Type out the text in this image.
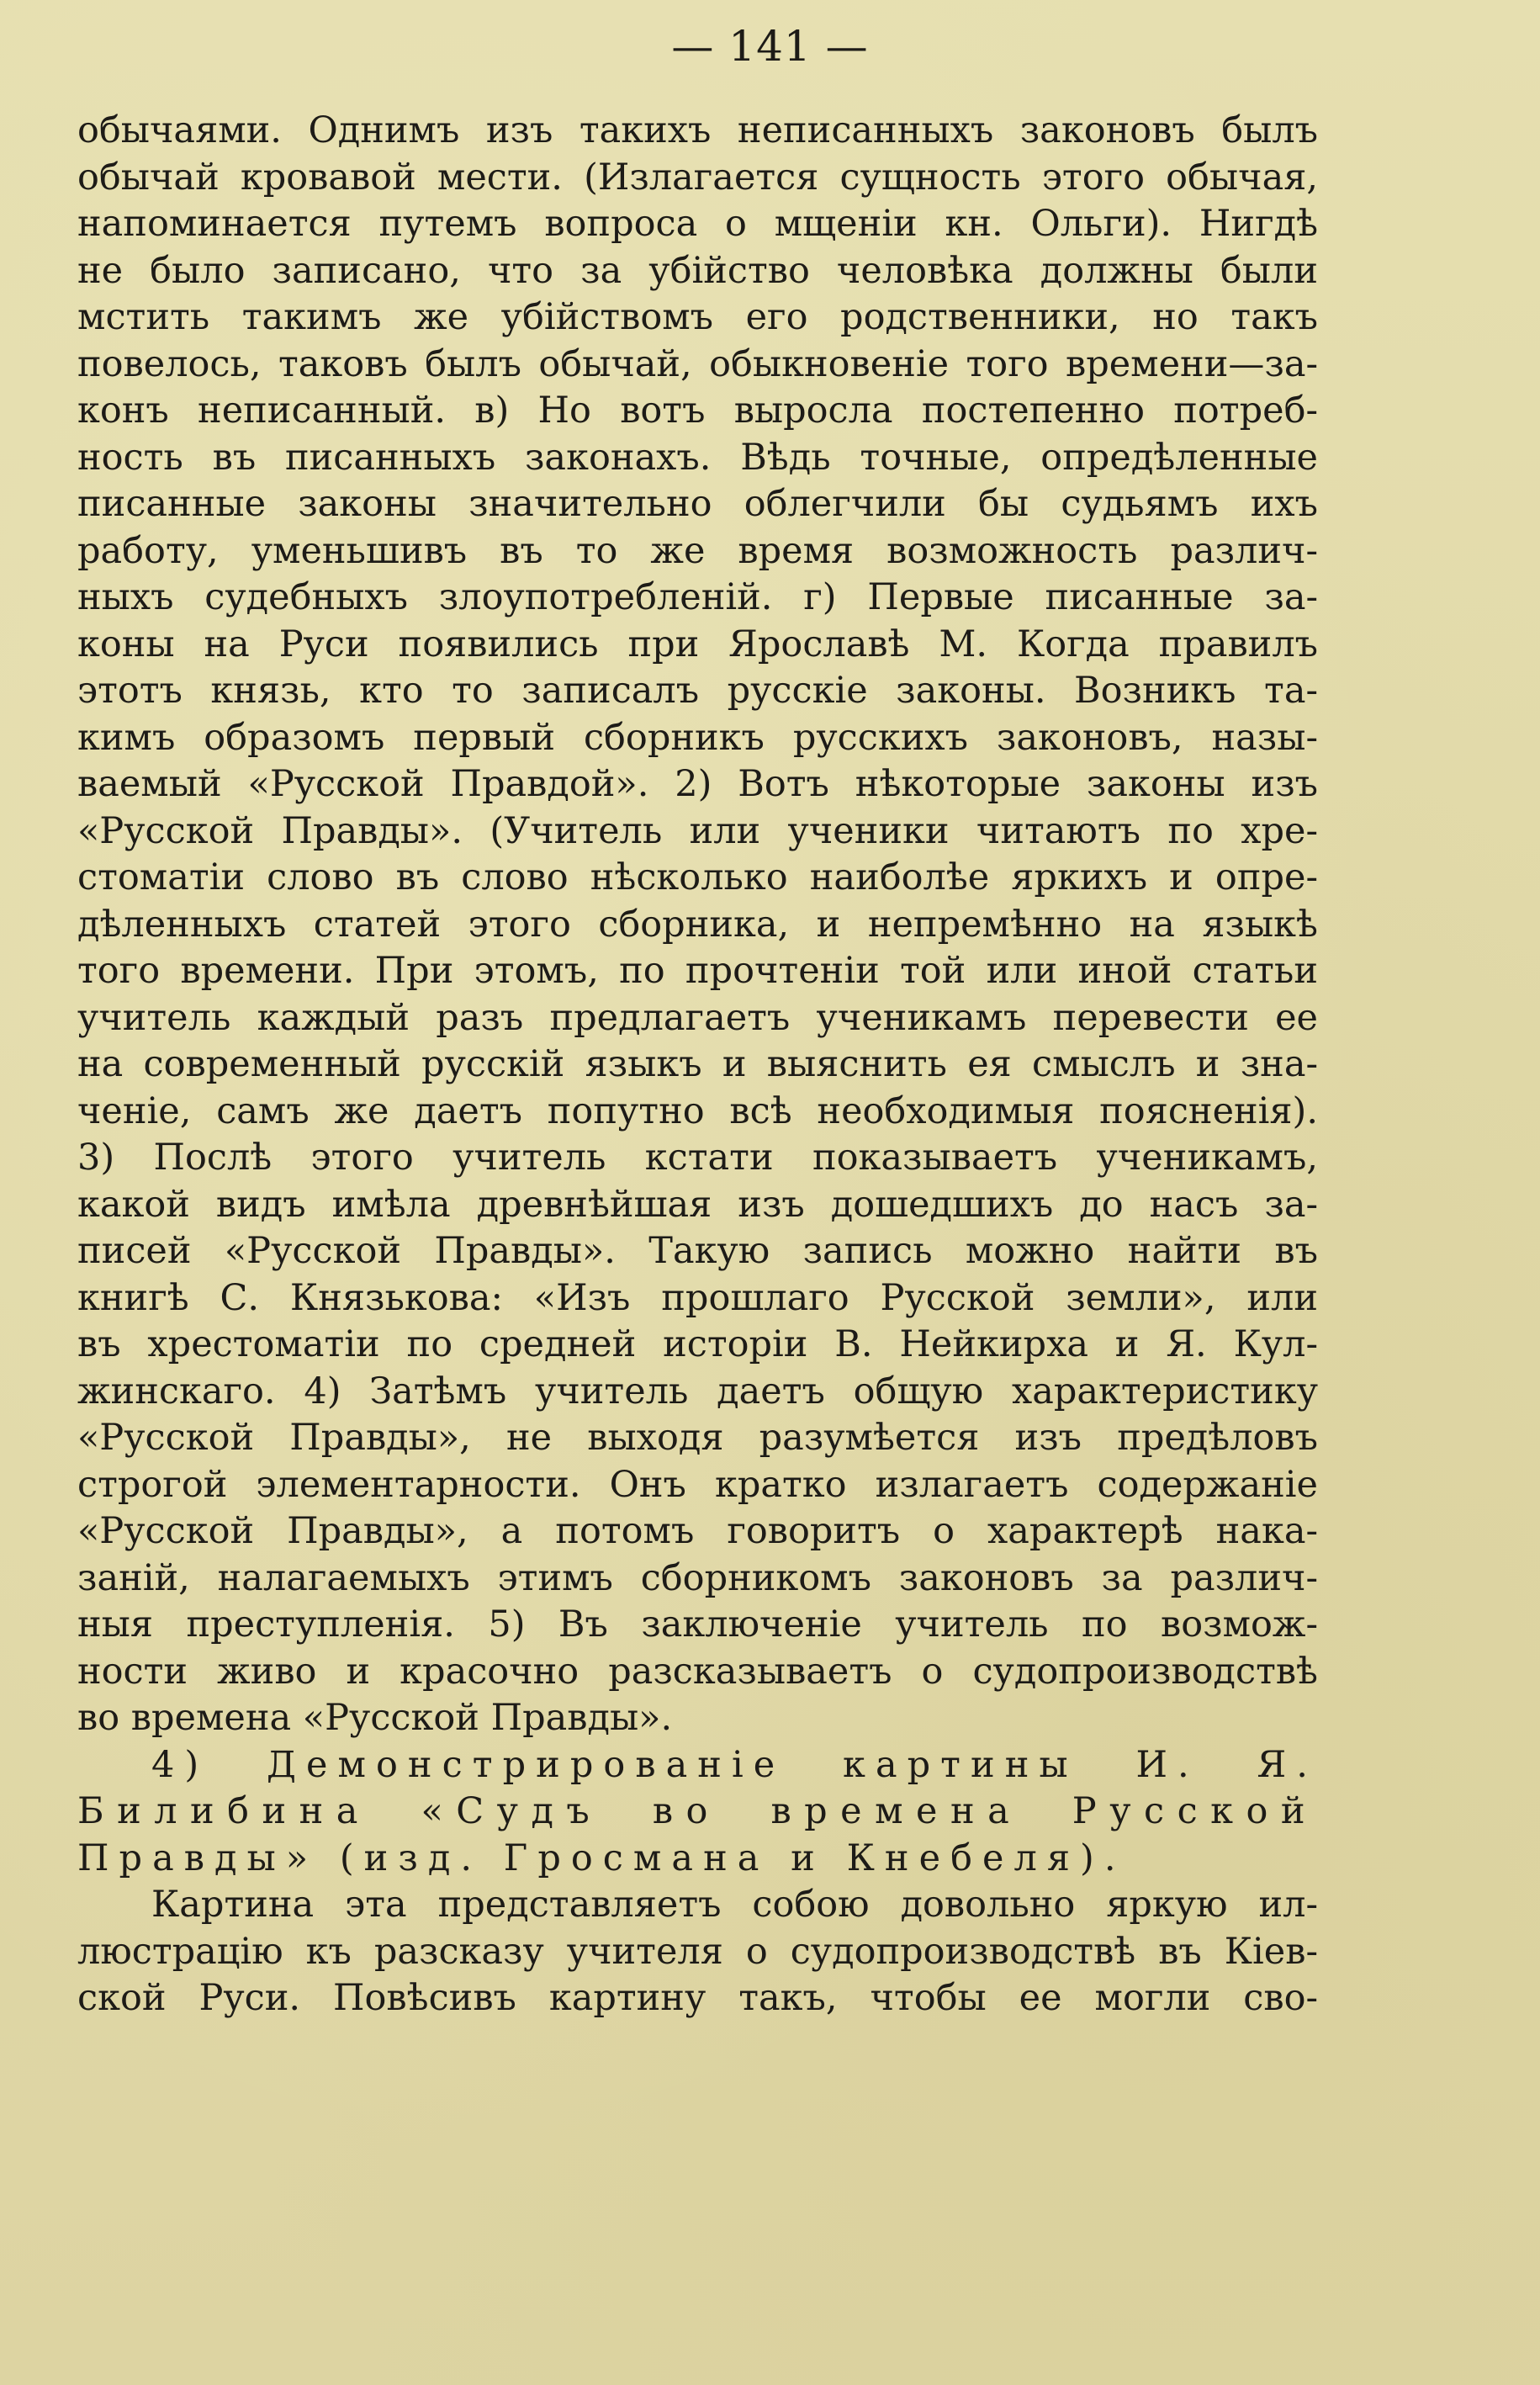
— 141 —
обычаями. Однимъ изъ такихъ неписанныхъ законовъ былъ
обычай кровавой мести. (Излагается сущность этого обычая,
напоминается путемъ вопроса о мщеніи кн. Ольги). Нигдѣ
не было записано, что за убійство человѣка должны были
мстить такимъ же убійствомъ его родственники, но такъ
повелось, таковъ былъ обычай, обыкновеніе того времени—за-
конъ неписанный. в) Но вотъ выросла постепенно потреб-
ность въ писанныхъ законахъ. Вѣдь точные, опредѣленные
писанные законы значительно облегчили бы судьямъ ихъ
работу, уменьшивъ въ то же время возможность различ-
ныхъ судебныхъ злоупотребленій. г) Первые писанные за-
коны на Руси появились при Ярославѣ М. Когда правилъ
этотъ князь, кто то записалъ русскіе законы. Возникъ та-
кимъ образомъ первый сборникъ русскихъ законовъ, назы-
ваемый «Русской Правдой». 2) Вотъ нѣкоторые законы изъ
«Русской Правды». (Учитель или ученики читаютъ по хре-
стоматіи слово въ слово нѣсколько наиболѣе яркихъ и опре-
дѣленныхъ статей этого сборника, и непремѣнно на языкѣ
того времени. При этомъ, по прочтеніи той или иной статьи
учитель каждый разъ предлагаетъ ученикамъ перевести ее
на современный русскій языкъ и выяснить ея смыслъ и зна-
ченіе, самъ же даетъ попутно всѣ необходимыя поясненія).
3) Послѣ этого учитель кстати показываетъ ученикамъ,
какой видъ имѣла древнѣйшая изъ дошедшихъ до насъ за-
писей «Русской Правды». Такую запись можно найти въ
книгѣ С. Князькова: «Изъ прошлаго Русской земли», или
въ хрестоматіи по средней исторіи В. Нейкирха и Я. Кул-
жинскаго. 4) Затѣмъ учитель даетъ общую характеристику
«Русской Правды», не выходя разумѣется изъ предѣловъ
строгой элементарности. Онъ кратко излагаетъ содержаніе
«Русской Правды», а потомъ говоритъ о характерѣ нака-
заній, налагаемыхъ этимъ сборникомъ законовъ за различ-
ныя преступленія. 5) Въ заключеніе учитель по возмож-
ности живо и красочно разсказываетъ о судопроизводствѣ
во времена «Русской Правды».
4) Демонстрированіе картины И. Я.
Билибина «Судъ во времена Русской
Правды» (изд. Гросмана и Кнебеля).
Картина эта представляетъ собою довольно яркую ил-
люстрацію къ разсказу учителя о судопроизводствѣ въ Кіев-
ской Руси. Повѣсивъ картину такъ, чтобы ее могли сво-
